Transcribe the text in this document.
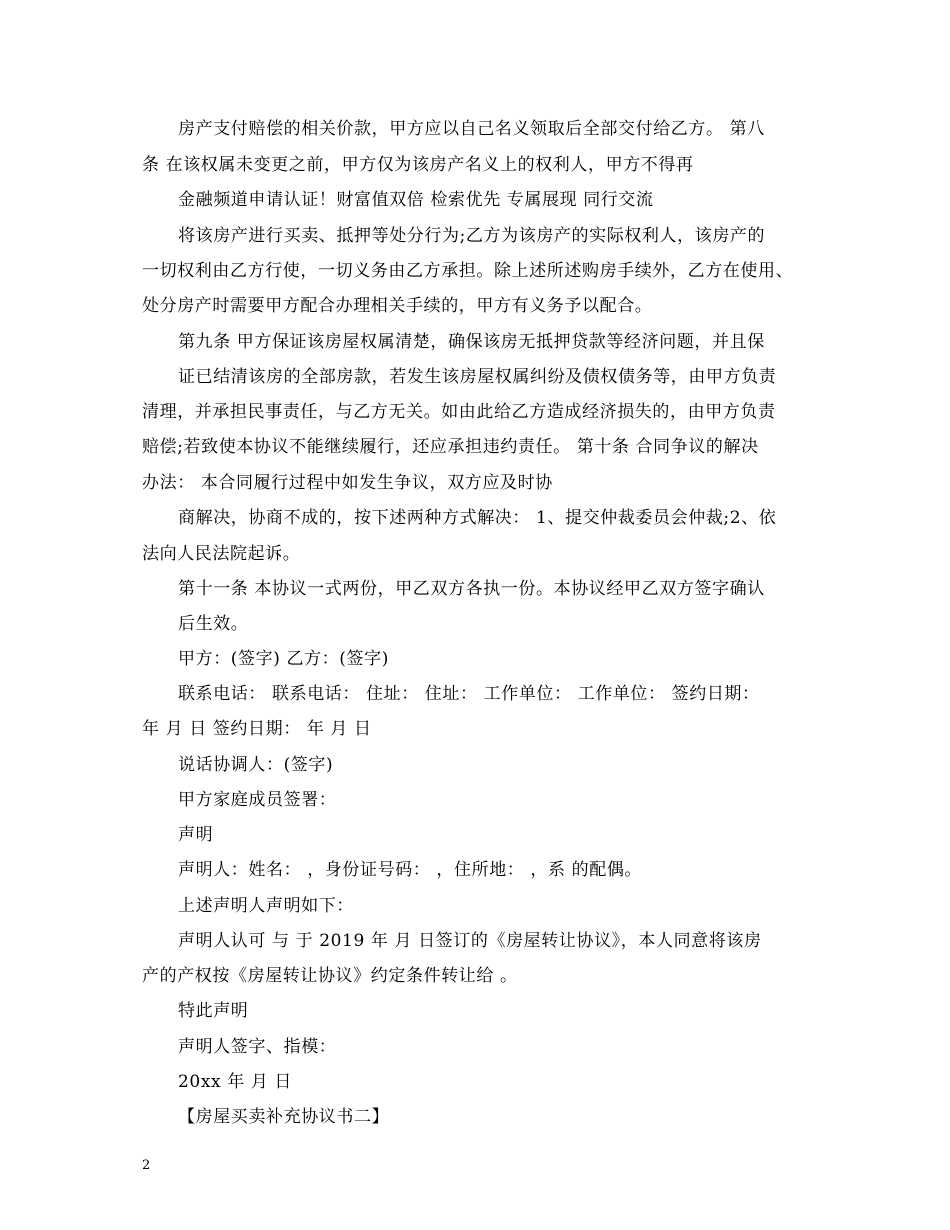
房产支付赔偿的相关价款，甲方应以自己名义领取后全部交付给乙方。 第八
条 在该权属未变更之前，甲方仅为该房产名义上的权利人，甲方不得再
金融频道申请认证！财富值双倍 检索优先 专属展现 同行交流
将该房产进行买卖、抵押等处分行为;乙方为该房产的实际权利人，该房产的
一切权利由乙方行使，一切义务由乙方承担。除上述所述购房手续外，乙方在使用、
处分房产时需要甲方配合办理相关手续的，甲方有义务予以配合。
第九条 甲方保证该房屋权属清楚，确保该房无抵押贷款等经济问题，并且保
证已结清该房的全部房款，若发生该房屋权属纠纷及债权债务等，由甲方负责
清理，并承担民事责任，与乙方无关。如由此给乙方造成经济损失的，由甲方负责
赔偿;若致使本协议不能继续履行，还应承担违约责任。 第十条 合同争议的解决
办法： 本合同履行过程中如发生争议，双方应及时协
商解决，协商不成的，按下述两种方式解决： 1、提交仲裁委员会仲裁;2、依
法向人民法院起诉。
第十一条 本协议一式两份，甲乙双方各执一份。本协议经甲乙双方签字确认
后生效。
甲方：(签字) 乙方：(签字)
联系电话： 联系电话： 住址： 住址： 工作单位： 工作单位： 签约日期：
年 月 日 签约日期： 年 月 日
说话协调人：(签字)
甲方家庭成员签署：
声明
声明人：姓名： ，身份证号码： ，住所地： ，系 的配偶。
上述声明人声明如下：
声明人认可 与 于 2019 年 月 日签订的《房屋转让协议》，本人同意将该房
产的产权按《房屋转让协议》约定条件转让给 。
特此声明
声明人签字、指模：
20xx 年 月 日
【房屋买卖补充协议书二】
2
